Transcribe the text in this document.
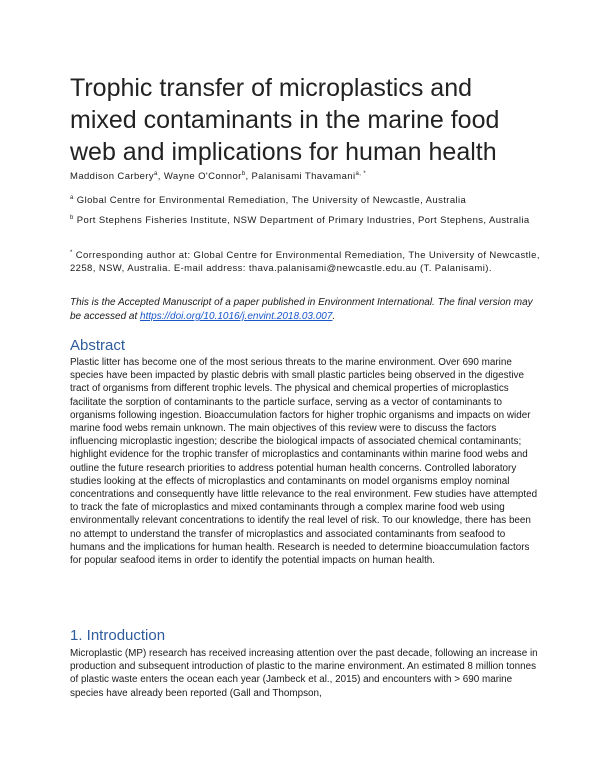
Trophic transfer of microplastics and mixed contaminants in the marine food web and implications for human health

Maddison Carbery$^a$, Wayne O'Connor$^b$, Palanisami Thavamani$^{a, *}$

$^a$ Global Centre for Environmental Remediation, The University of Newcastle, Australia

$^b$ Port Stephens Fisheries Institute, NSW Department of Primary Industries, Port Stephens, Australia

* Corresponding author at: Global Centre for Environmental Remediation, The University of Newcastle, 2258, NSW, Australia. E-mail address: thava.palanisami@newcastle.edu.au (T. Palanisami).

This is the Accepted Manuscript of a paper published in Environment International. The final version may be accessed at https://doi.org/10.1016/j.envint.2018.03.007.

Abstract

Plastic litter has become one of the most serious threats to the marine environment. Over 690 marine species have been impacted by plastic debris with small plastic particles being observed in the digestive tract of organisms from different trophic levels. The physical and chemical properties of microplastics facilitate the sorption of contaminants to the particle surface, serving as a vector of contaminants to organisms following ingestion. Bioaccumulation factors for higher trophic organisms and impacts on wider marine food webs remain unknown. The main objectives of this review were to discuss the factors influencing microplastic ingestion; describe the biological impacts of associated chemical contaminants; highlight evidence for the trophic transfer of microplastics and contaminants within marine food webs and outline the future research priorities to address potential human health concerns. Controlled laboratory studies looking at the effects of microplastics and contaminants on model organisms employ nominal concentrations and consequently have little relevance to the real environment. Few studies have attempted to track the fate of microplastics and mixed contaminants through a complex marine food web using environmentally relevant concentrations to identify the real level of risk. To our knowledge, there has been no attempt to understand the transfer of microplastics and associated contaminants from seafood to humans and the implications for human health. Research is needed to determine bioaccumulation factors for popular seafood items in order to identify the potential impacts on human health.

1. Introduction

Microplastic (MP) research has received increasing attention over the past decade, following an increase in production and subsequent introduction of plastic to the marine environment. An estimated 8 million tonnes of plastic waste enters the ocean each year (Jambeck et al., 2015) and encounters with > 690 marine species have already been reported (Gall and Thompson,
